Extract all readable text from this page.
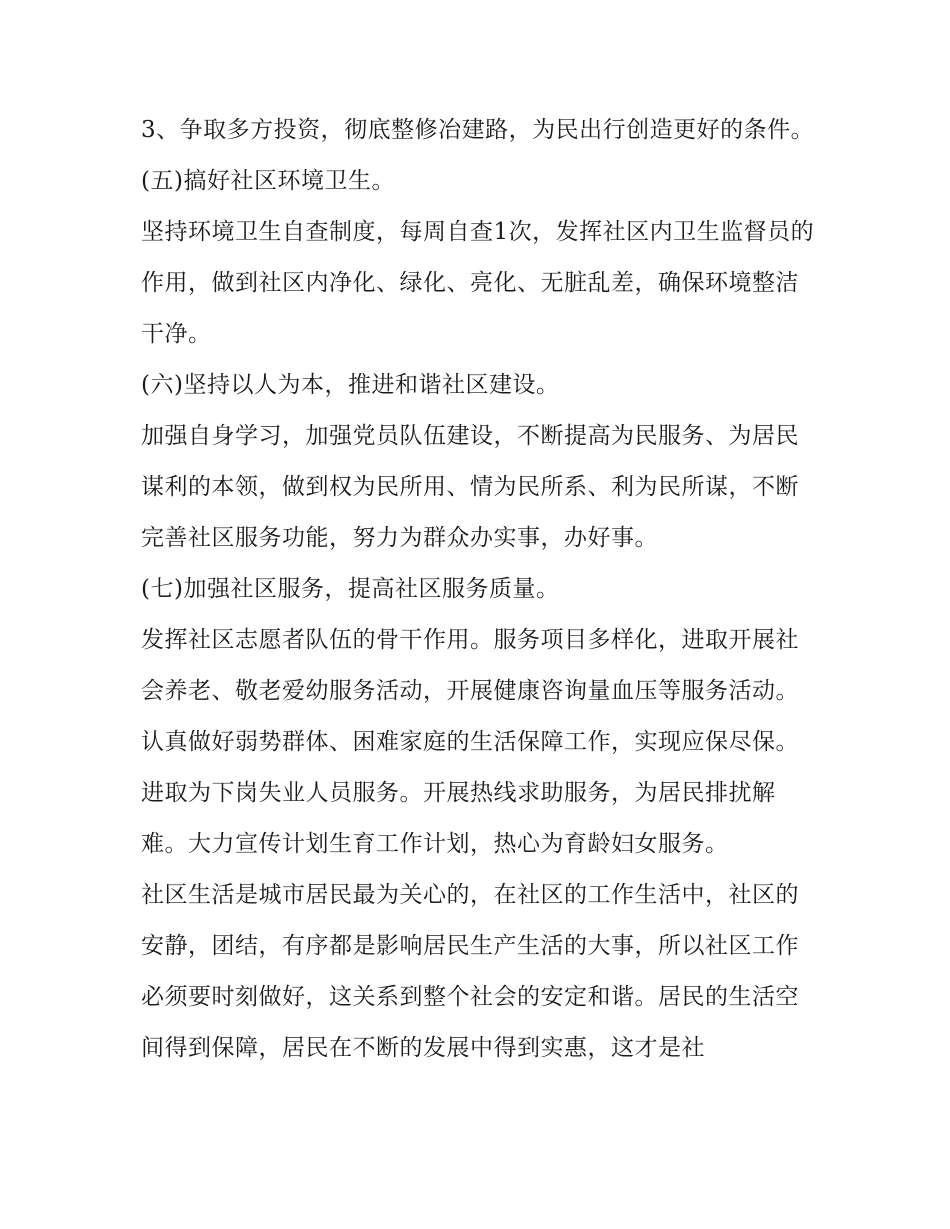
3、争取多方投资，彻底整修冶建路，为民出行创造更好的条件。 (五)搞好社区环境卫生。

坚持环境卫生自查制度，每周自查1次，发挥社区内卫生监督员的作用，做到社区内净化、绿化、亮化、无脏乱差，确保环境整洁干净。

(六)坚持以人为本，推进和谐社区建设。

加强自身学习，加强党员队伍建设，不断提高为民服务、为居民谋利的本领，做到权为民所用、情为民所系、利为民所谋，不断完善社区服务功能，努力为群众办实事，办好事。

(七)加强社区服务，提高社区服务质量。

发挥社区志愿者队伍的骨干作用。服务项目多样化，进取开展社会养老、敬老爱幼服务活动，开展健康咨询量血压等服务活动。认真做好弱势群体、困难家庭的生活保障工作，实现应保尽保。进取为下岗失业人员服务。开展热线求助服务，为居民排扰解难。大力宣传计划生育工作计划，热心为育龄妇女服务。

社区生活是城市居民最为关心的，在社区的工作生活中，社区的安静，团结，有序都是影响居民生产生活的大事，所以社区工作必须要时刻做好，这关系到整个社会的安定和谐。居民的生活空间得到保障，居民在不断的发展中得到实惠，这才是社
